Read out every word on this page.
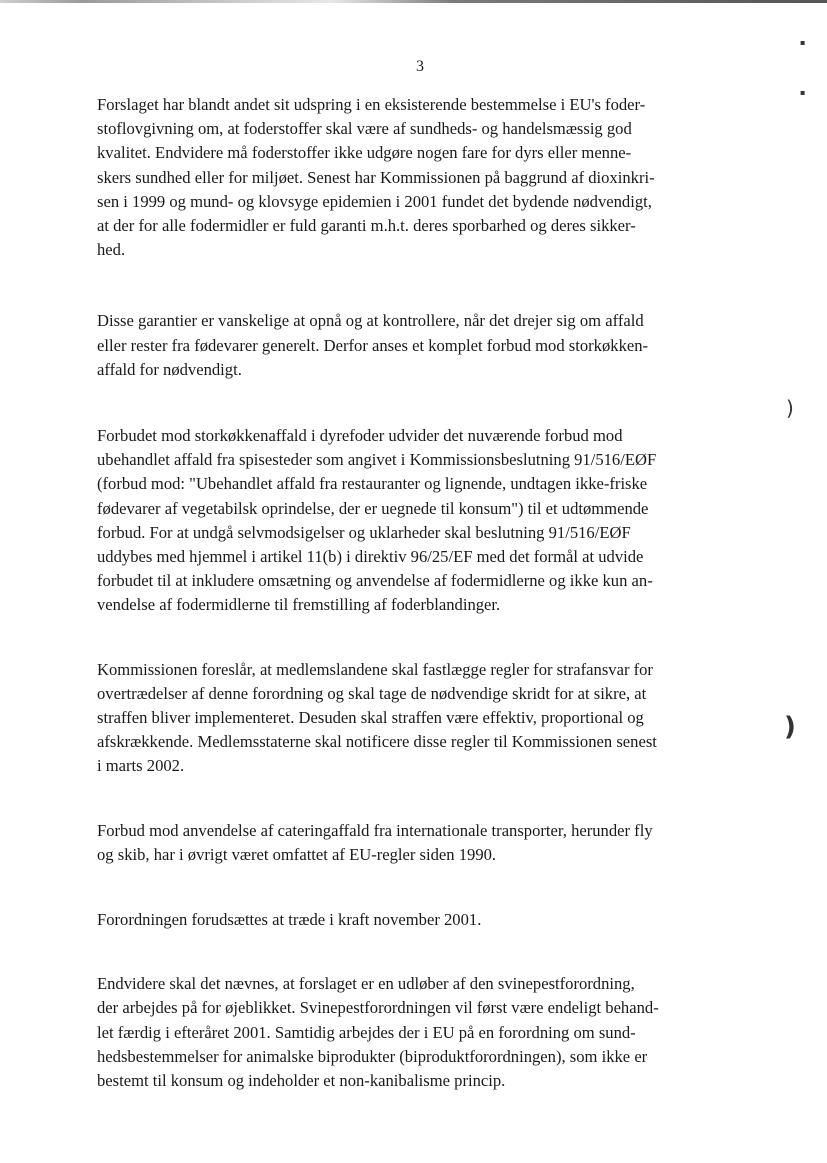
▪
▪
)
)
3
Forslaget har blandt andet sit udspring i en eksisterende bestemmelse i EU's foder-
stoflovgivning om, at foderstoffer skal være af sundheds- og handelsmæssig god
kvalitet. Endvidere må foderstoffer ikke udgøre nogen fare for dyrs eller menne-
skers sundhed eller for miljøet. Senest har Kommissionen på baggrund af dioxinkri-
sen i 1999 og mund- og klovsyge epidemien i 2001 fundet det bydende nødvendigt,
at der for alle fodermidler er fuld garanti m.h.t. deres sporbarhed og deres sikker-
hed.
Disse garantier er vanskelige at opnå og at kontrollere, når det drejer sig om affald
eller rester fra fødevarer generelt. Derfor anses et komplet forbud mod storkøkken-
affald for nødvendigt.
Forbudet mod storkøkkenaffald i dyrefoder udvider det nuværende forbud mod
ubehandlet affald fra spisesteder som angivet i Kommissionsbeslutning 91/516/EØF
(forbud mod: "Ubehandlet affald fra restauranter og lignende, undtagen ikke-friske
fødevarer af vegetabilsk oprindelse, der er uegnede til konsum") til et udtømmende
forbud. For at undgå selvmodsigelser og uklarheder skal beslutning 91/516/EØF
uddybes med hjemmel i artikel 11(b) i direktiv 96/25/EF med det formål at udvide
forbudet til at inkludere omsætning og anvendelse af fodermidlerne og ikke kun an-
vendelse af fodermidlerne til fremstilling af foderblandinger.
Kommissionen foreslår, at medlemslandene skal fastlægge regler for strafansvar for
overtrædelser af denne forordning og skal tage de nødvendige skridt for at sikre, at
straffen bliver implementeret. Desuden skal straffen være effektiv, proportional og
afskrækkende. Medlemsstaterne skal notificere disse regler til Kommissionen senest
i marts 2002.
Forbud mod anvendelse af cateringaffald fra internationale transporter, herunder fly
og skib, har i øvrigt været omfattet af EU-regler siden 1990.
Forordningen forudsættes at træde i kraft november 2001.
Endvidere skal det nævnes, at forslaget er en udløber af den svinepestforordning,
der arbejdes på for øjeblikket. Svinepestforordningen vil først være endeligt behand-
let færdig i efteråret 2001. Samtidig arbejdes der i EU på en forordning om sund-
hedsbestemmelser for animalske biprodukter (biproduktforordningen), som ikke er
bestemt til konsum og indeholder et non-kanibalisme princip.
